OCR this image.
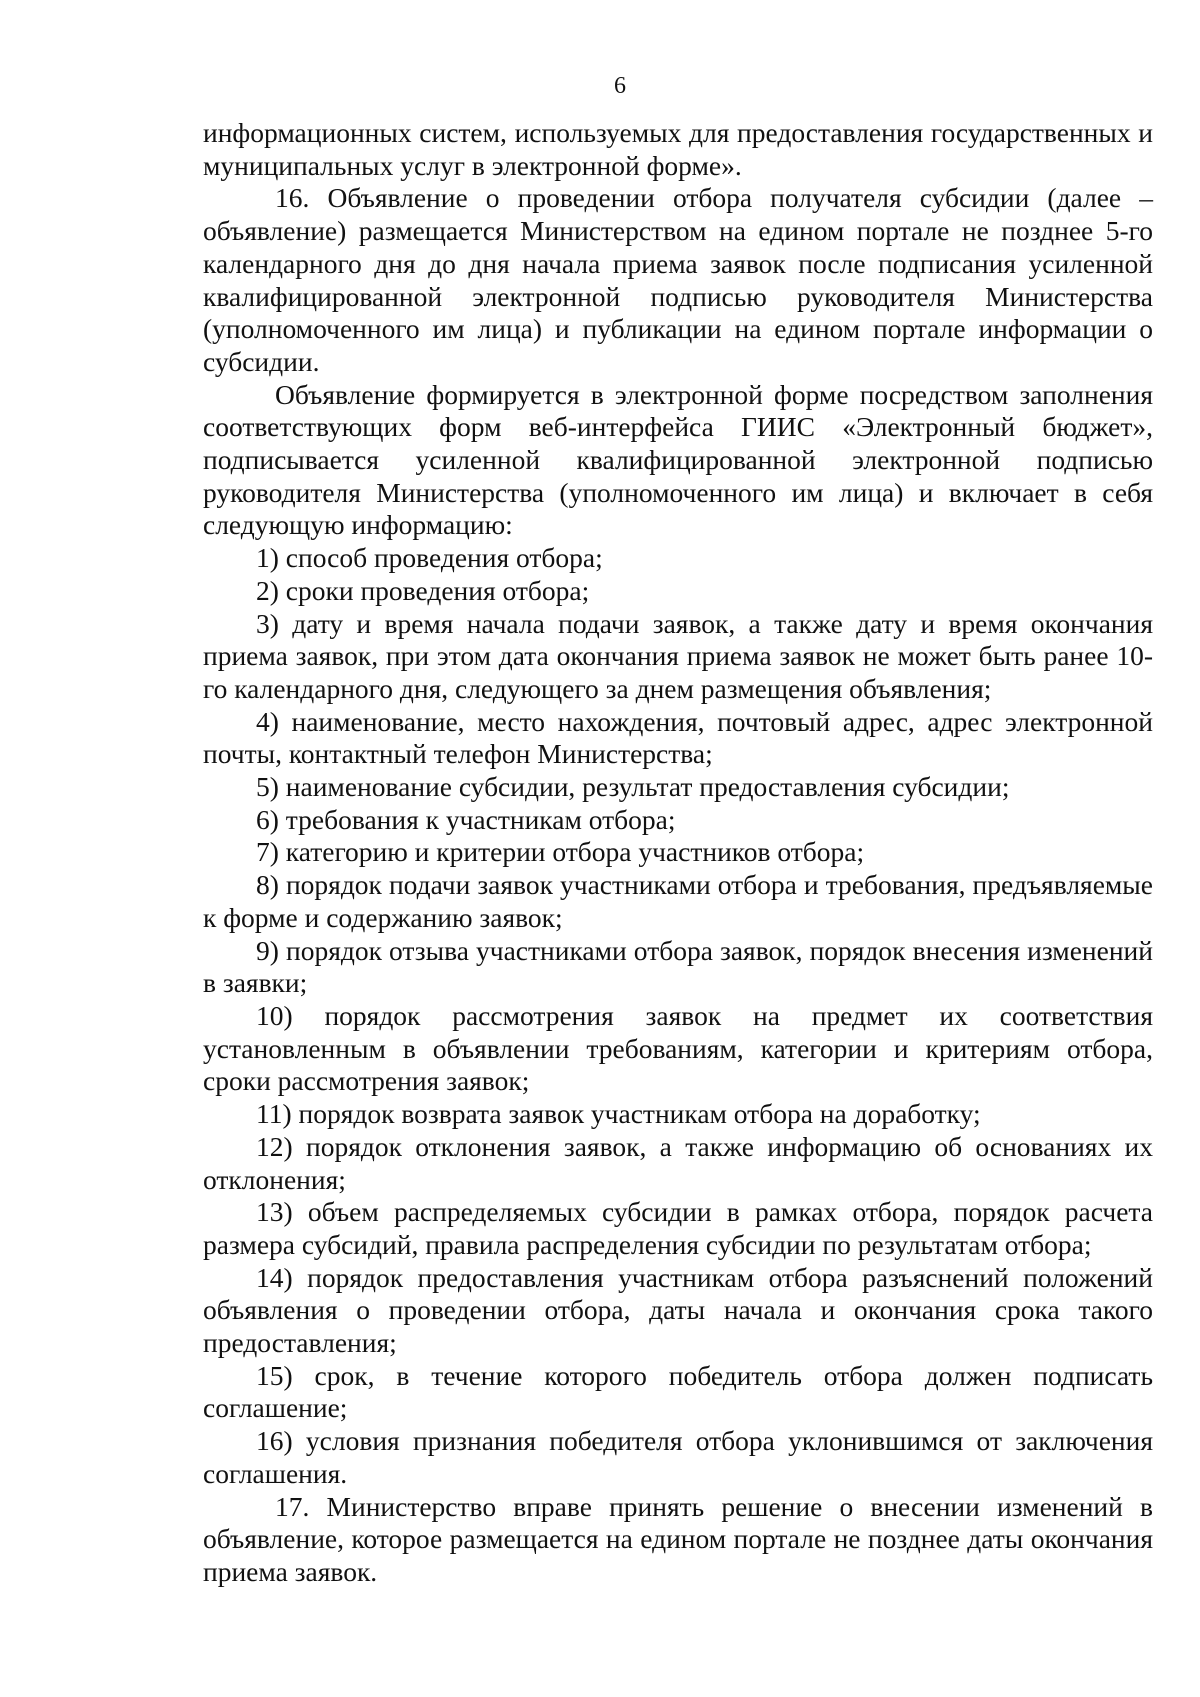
6

информационных систем, используемых для предоставления государственных и муниципальных услуг в электронной форме».

16. Объявление о проведении отбора получателя субсидии (далее – объявление) размещается Министерством на едином портале не позднее 5-го календарного дня до дня начала приема заявок после подписания усиленной квалифицированной электронной подписью руководителя Министерства (уполномоченного им лица) и публикации на едином портале информации о субсидии.

Объявление формируется в электронной форме посредством заполнения соответствующих форм веб-интерфейса ГИИС «Электронный бюджет», подписывается усиленной квалифицированной электронной подписью руководителя Министерства (уполномоченного им лица) и включает в себя следующую информацию:

1) способ проведения отбора;

2) сроки проведения отбора;

3) дату и время начала подачи заявок, а также дату и время окончания приема заявок, при этом дата окончания приема заявок не может быть ранее 10-го календарного дня, следующего за днем размещения объявления;

4) наименование, место нахождения, почтовый адрес, адрес электронной почты, контактный телефон Министерства;

5) наименование субсидии, результат предоставления субсидии;

6) требования к участникам отбора;

7) категорию и критерии отбора участников отбора;

8) порядок подачи заявок участниками отбора и требования, предъявляемые к форме и содержанию заявок;

9) порядок отзыва участниками отбора заявок, порядок внесения изменений в заявки;

10) порядок рассмотрения заявок на предмет их соответствия установленным в объявлении требованиям, категории и критериям отбора, сроки рассмотрения заявок;

11) порядок возврата заявок участникам отбора на доработку;

12) порядок отклонения заявок, а также информацию об основаниях их отклонения;

13) объем распределяемых субсидии в рамках отбора, порядок расчета размера субсидий, правила распределения субсидии по результатам отбора;

14) порядок предоставления участникам отбора разъяснений положений объявления о проведении отбора, даты начала и окончания срока такого предоставления;

15) срок, в течение которого победитель отбора должен подписать соглашение;

16) условия признания победителя отбора уклонившимся от заключения соглашения.

17. Министерство вправе принять решение о внесении изменений в объявление, которое размещается на едином портале не позднее даты окончания приема заявок.
